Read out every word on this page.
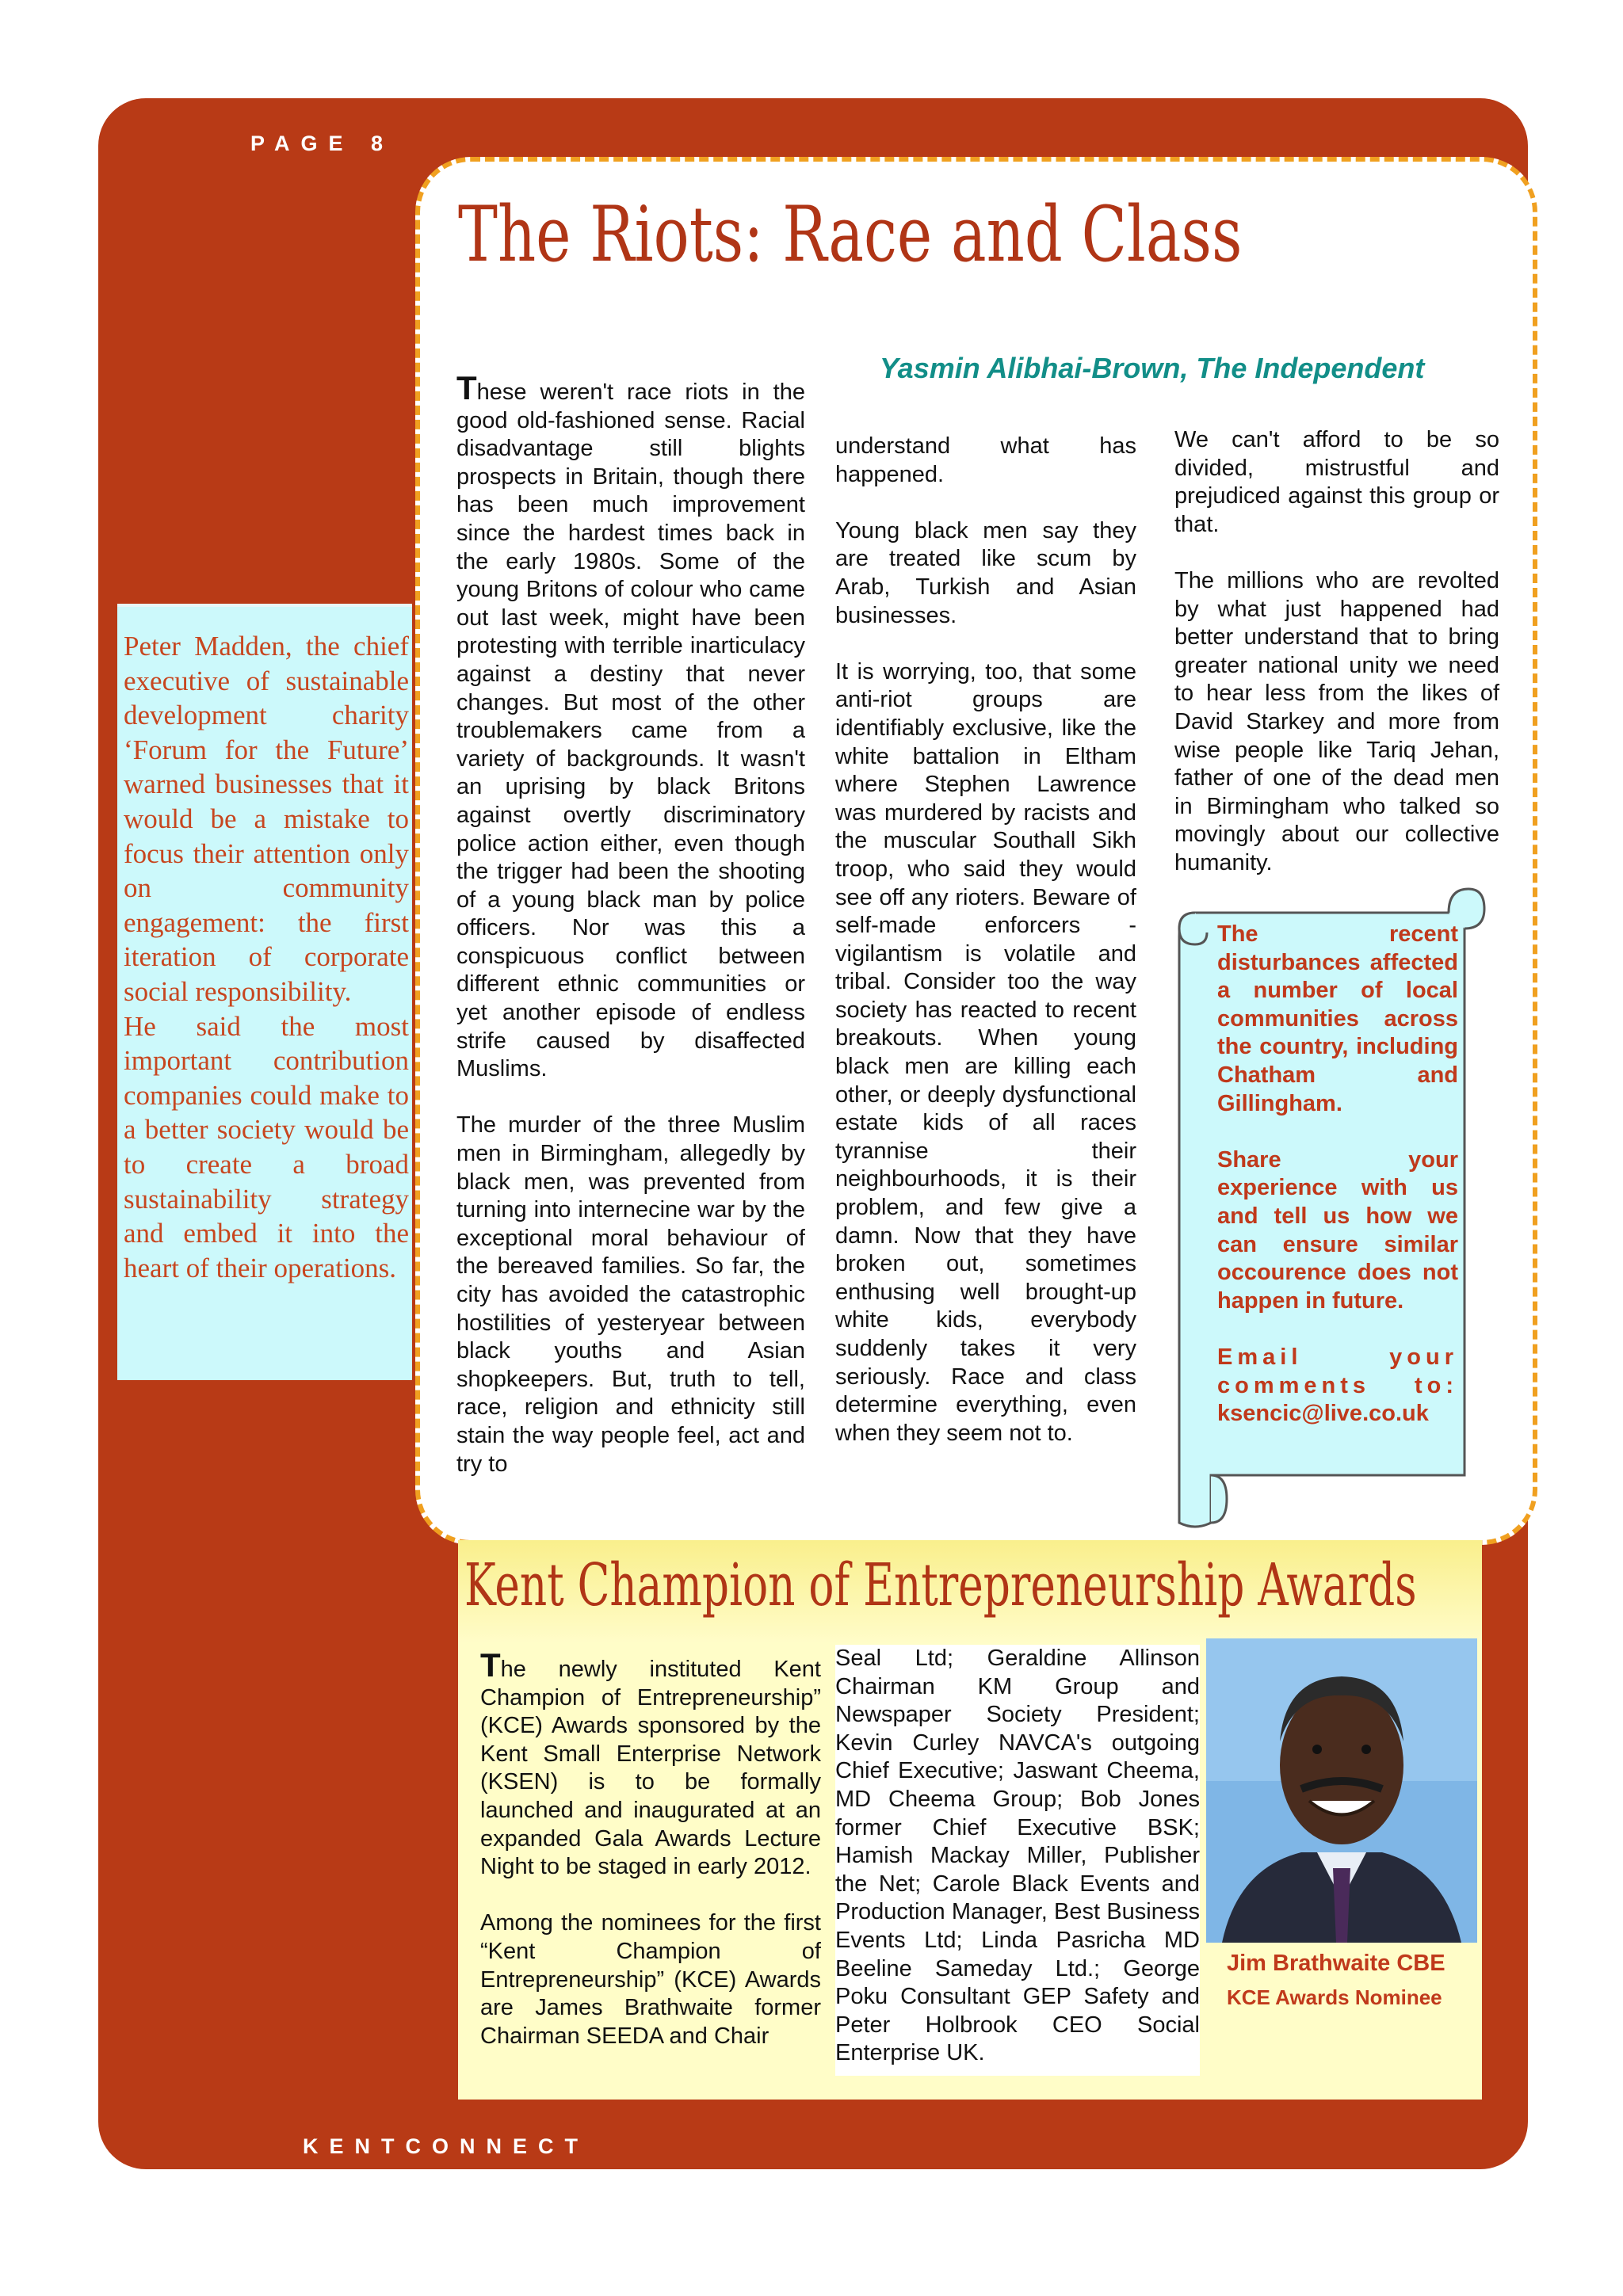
PAGE 8
The Riots: Race and Class
Yasmin Alibhai-Brown, The Independent

These weren't race riots in the good old-fashioned sense. Racial disadvantage still blights prospects in Britain, though there has been much improvement since the hardest times back in the early 1980s. Some of the young Britons of colour who came out last week, might have been protesting with terrible inarticulacy against a destiny that never changes. But most of the other troublemakers came from a variety of backgrounds. It wasn't an uprising by black Britons against overtly discriminatory police action either, even though the trigger had been the shooting of a young black man by police officers. Nor was this a conspicuous conflict between different ethnic communities or yet another episode of endless strife caused by disaffected Muslims.

The murder of the three Muslim men in Birmingham, allegedly by black men, was prevented from turning into internecine war by the exceptional moral behaviour of the bereaved families. So far, the city has avoided the catastrophic hostilities of yesteryear between black youths and Asian shopkeepers. But, truth to tell, race, religion and ethnicity still stain the way people feel, act and try to

understand what has happened.

Young black men say they are treated like scum by Arab, Turkish and Asian businesses.

It is worrying, too, that some anti-riot groups are identifiably exclusive, like the white battalion in Eltham where Stephen Lawrence was murdered by racists and the muscular Southall Sikh troop, who said they would see off any rioters. Beware of self-made enforcers - vigilantism is volatile and tribal. Consider too the way society has reacted to recent breakouts. When young black men are killing each other, or deeply dysfunctional estate kids of all races tyrannise their neighbourhoods, it is their problem, and few give a damn. Now that they have broken out, sometimes enthusing well brought-up white kids, everybody suddenly takes it very seriously. Race and class determine everything, even when they seem not to.

We can't afford to be so divided, mistrustful and prejudiced against this group or that.

The millions who are revolted by what just happened had better understand that to bring greater national unity we need to hear less from the likes of David Starkey and more from wise people like Tariq Jehan, father of one of the dead men in Birmingham who talked so movingly about our collective humanity.

The recent disturbances affected a number of local communities across the country, including Chatham and Gillingham.

Share your experience with us and tell us how we can ensure similar occourence does not happen in future.

Email your comments to: ksencic@live.co.uk

Peter Madden, the chief executive of sustainable development charity ‘Forum for the Future’ warned businesses that it would be a mistake to focus their attention only on community engagement: the first iteration of corporate social responsibility.

He said the most important contribution companies could make to a better society would be to create a broad sustainability strategy and embed it into the heart of their operations.

Kent Champion of Entrepreneurship Awards

The newly instituted Kent Champion of Entrepreneurship” (KCE) Awards sponsored by the Kent Small Enterprise Network (KSEN) is to be formally launched and inaugurated at an expanded Gala Awards Lecture Night to be staged in early 2012.

Among the nominees for the first “Kent Champion of Entrepreneurship” (KCE) Awards are James Brathwaite former Chairman SEEDA and Chair

Seal Ltd; Geraldine Allinson Chairman KM Group and Newspaper Society President; Kevin Curley NAVCA's outgoing Chief Executive; Jaswant Cheema, MD Cheema Group; Bob Jones former Chief Executive BSK; Hamish Mackay Miller, Publisher the Net; Carole Black Events and Production Manager, Best Business Events Ltd; Linda Pasricha MD Beeline Sameday Ltd.; George Poku Consultant GEP Safety and Peter Holbrook CEO Social Enterprise UK.
Jim Brathwaite CBE
KCE Awards Nominee
KENTCONNECT
